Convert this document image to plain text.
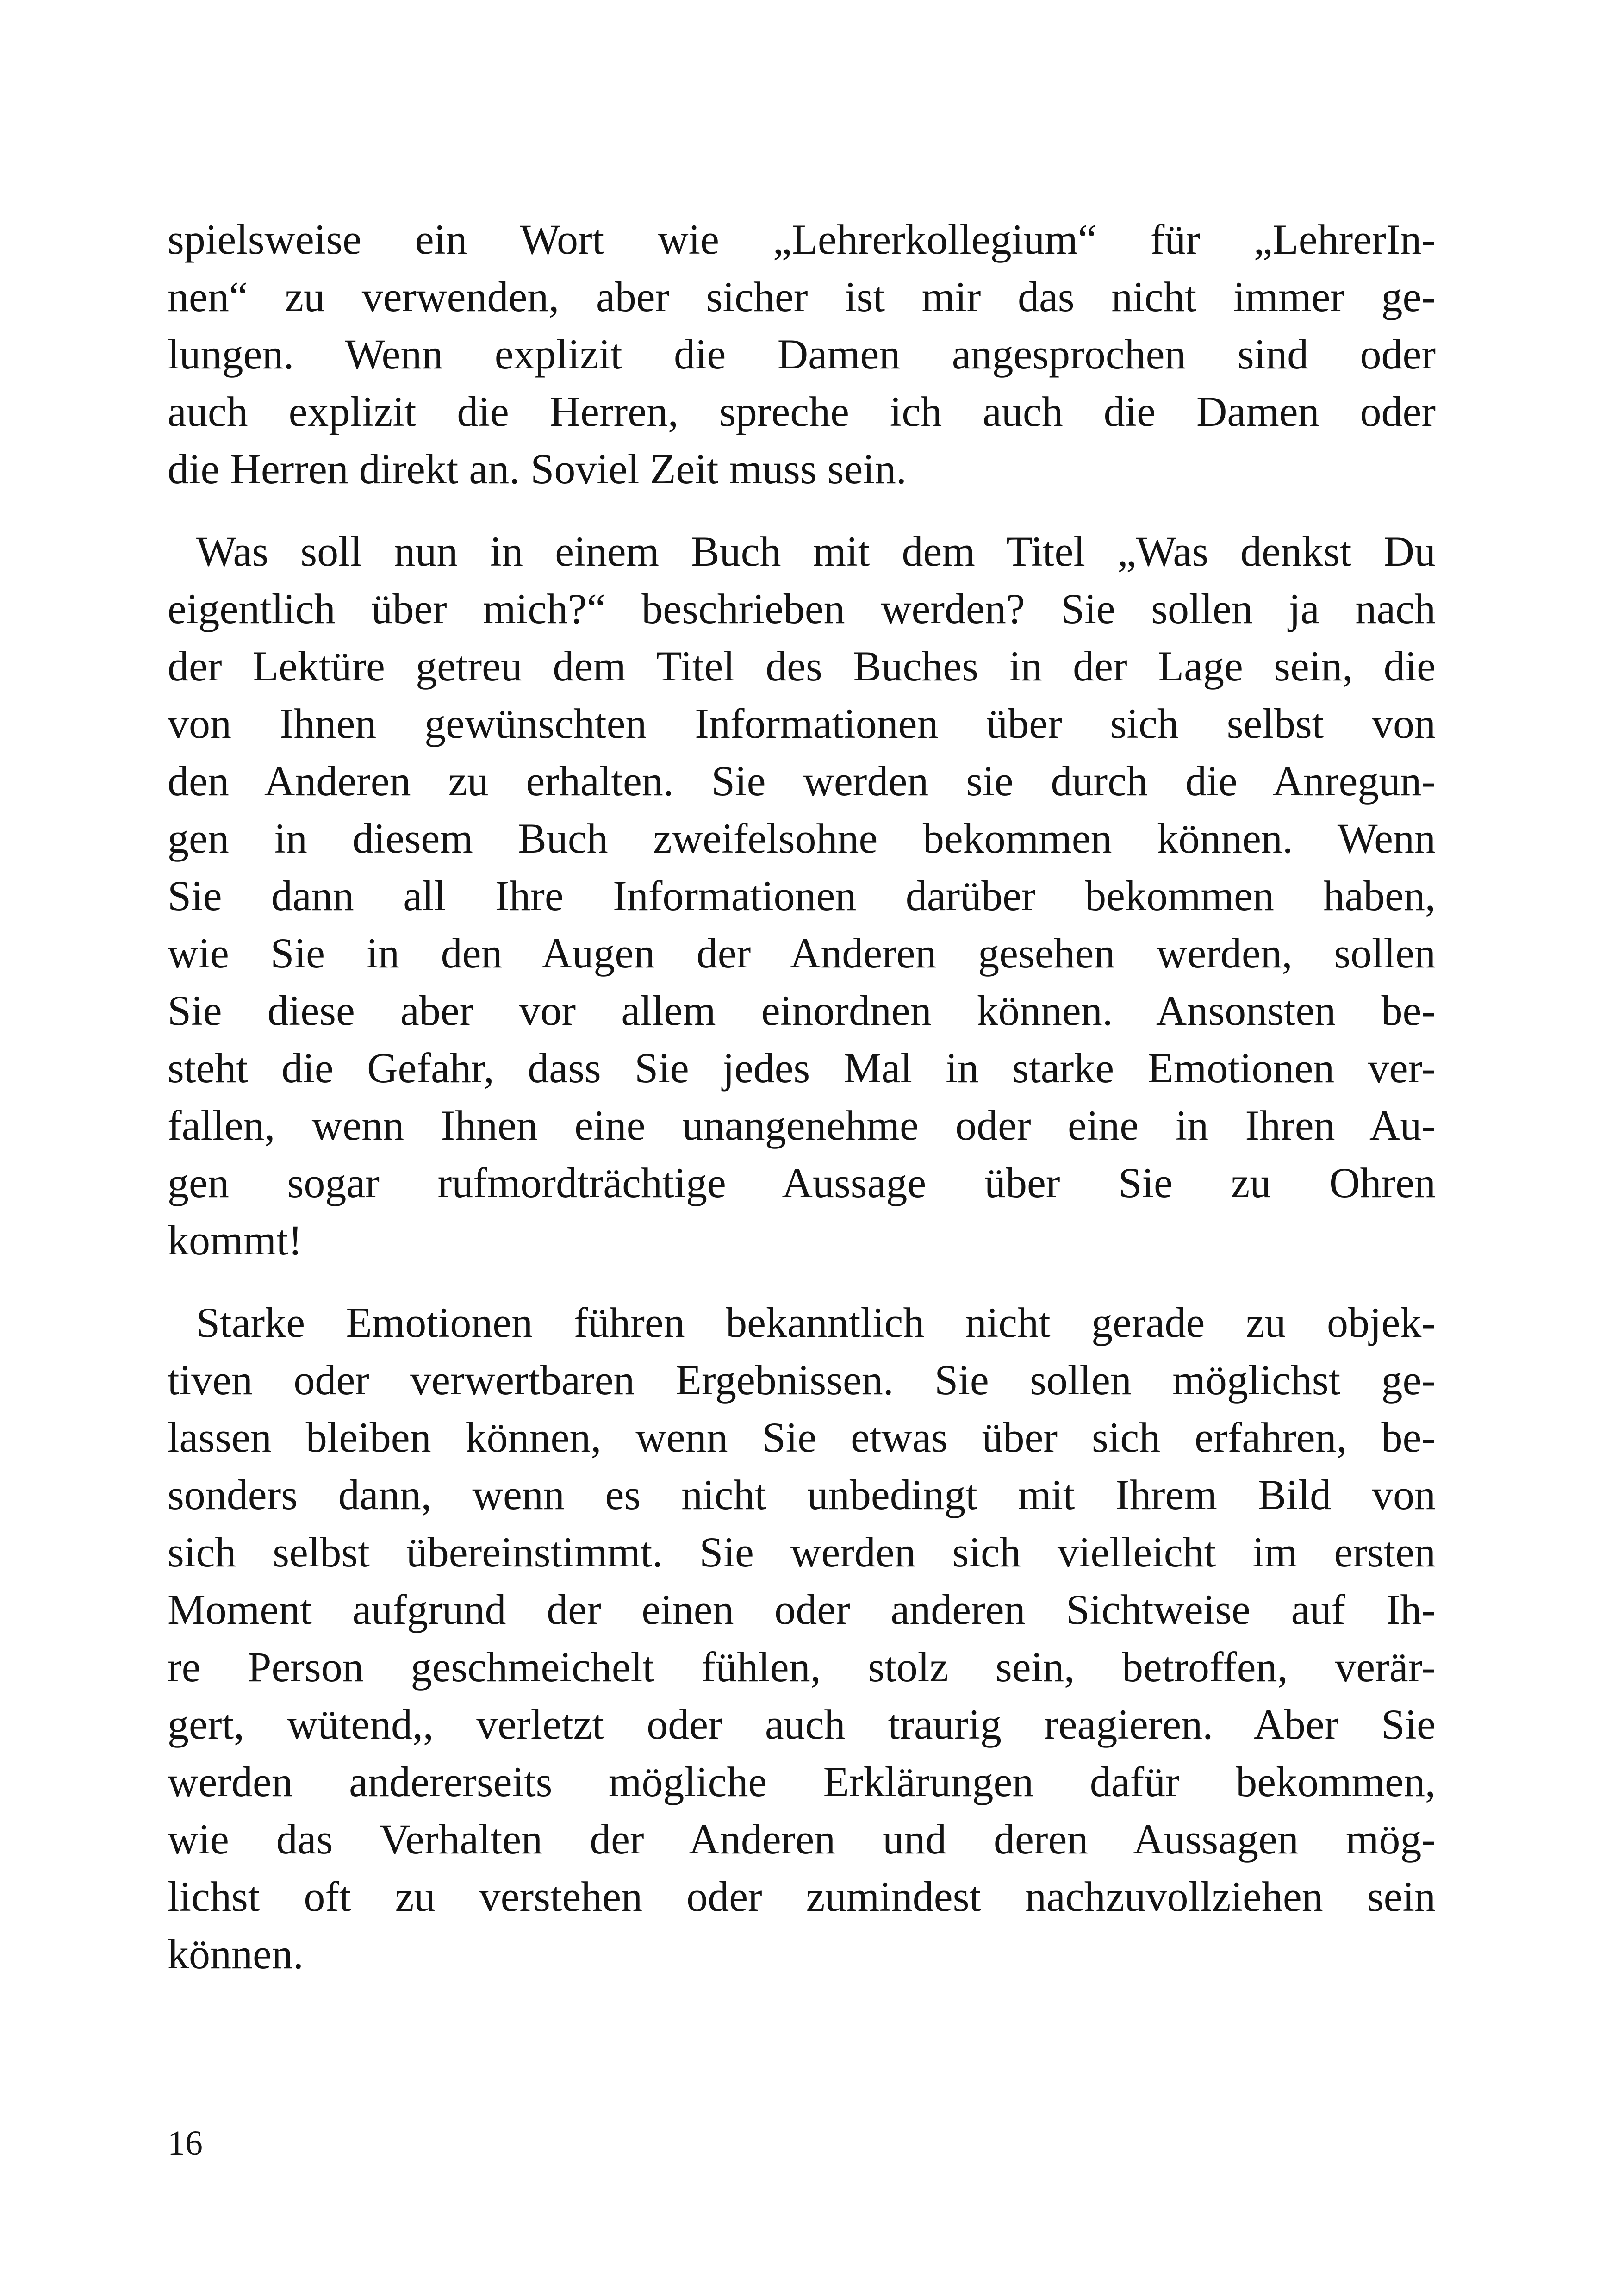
spielsweise ein Wort wie „Lehrerkollegium“ für „LehrerIn-
nen“ zu verwenden, aber sicher ist mir das nicht immer ge-
lungen. Wenn explizit die Damen angesprochen sind oder
auch explizit die Herren, spreche ich auch die Damen oder
die Herren direkt an. Soviel Zeit muss sein.

Was soll nun in einem Buch mit dem Titel „Was denkst Du
eigentlich über mich?“ beschrieben werden? Sie sollen ja nach
der Lektüre getreu dem Titel des Buches in der Lage sein, die
von Ihnen gewünschten Informationen über sich selbst von
den Anderen zu erhalten. Sie werden sie durch die Anregun-
gen in diesem Buch zweifelsohne bekommen können. Wenn
Sie dann all Ihre Informationen darüber bekommen haben,
wie Sie in den Augen der Anderen gesehen werden, sollen
Sie diese aber vor allem einordnen können. Ansonsten be-
steht die Gefahr, dass Sie jedes Mal in starke Emotionen ver-
fallen, wenn Ihnen eine unangenehme oder eine in Ihren Au-
gen sogar rufmordträchtige Aussage über Sie zu Ohren
kommt!

Starke Emotionen führen bekanntlich nicht gerade zu objek-
tiven oder verwertbaren Ergebnissen. Sie sollen möglichst ge-
lassen bleiben können, wenn Sie etwas über sich erfahren, be-
sonders dann, wenn es nicht unbedingt mit Ihrem Bild von
sich selbst übereinstimmt. Sie werden sich vielleicht im ersten
Moment aufgrund der einen oder anderen Sichtweise auf Ih-
re Person geschmeichelt fühlen, stolz sein, betroffen, verär-
gert, wütend,, verletzt oder auch traurig reagieren. Aber Sie
werden andererseits mögliche Erklärungen dafür bekommen,
wie das Verhalten der Anderen und deren Aussagen mög-
lichst oft zu verstehen oder zumindest nachzuvollziehen sein
können.

16
